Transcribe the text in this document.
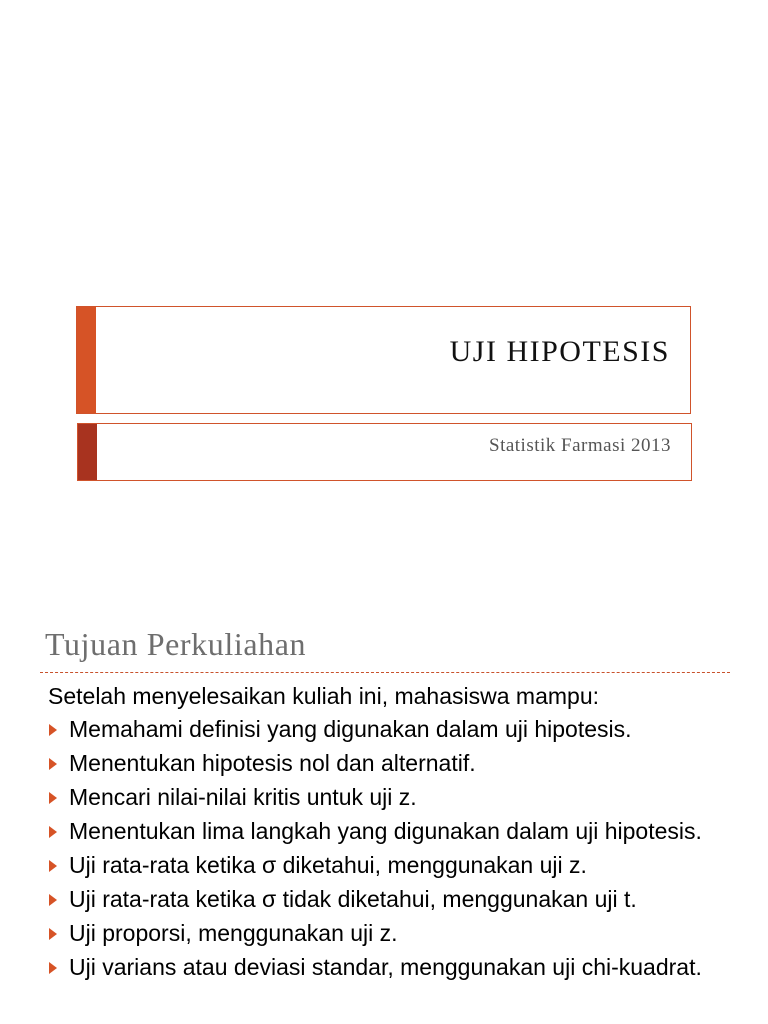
UJI HIPOTESIS
Statistik Farmasi 2013
Tujuan Perkuliahan
Setelah menyelesaikan kuliah ini, mahasiswa mampu:
Memahami definisi yang digunakan dalam uji hipotesis.
Menentukan hipotesis nol dan alternatif.
Mencari nilai-nilai kritis untuk uji z.
Menentukan lima langkah yang digunakan dalam uji hipotesis.
Uji rata-rata ketika σ diketahui, menggunakan uji z.
Uji rata-rata ketika σ tidak diketahui, menggunakan uji t.
Uji proporsi, menggunakan uji z.
Uji varians atau deviasi standar, menggunakan uji chi-kuadrat.
